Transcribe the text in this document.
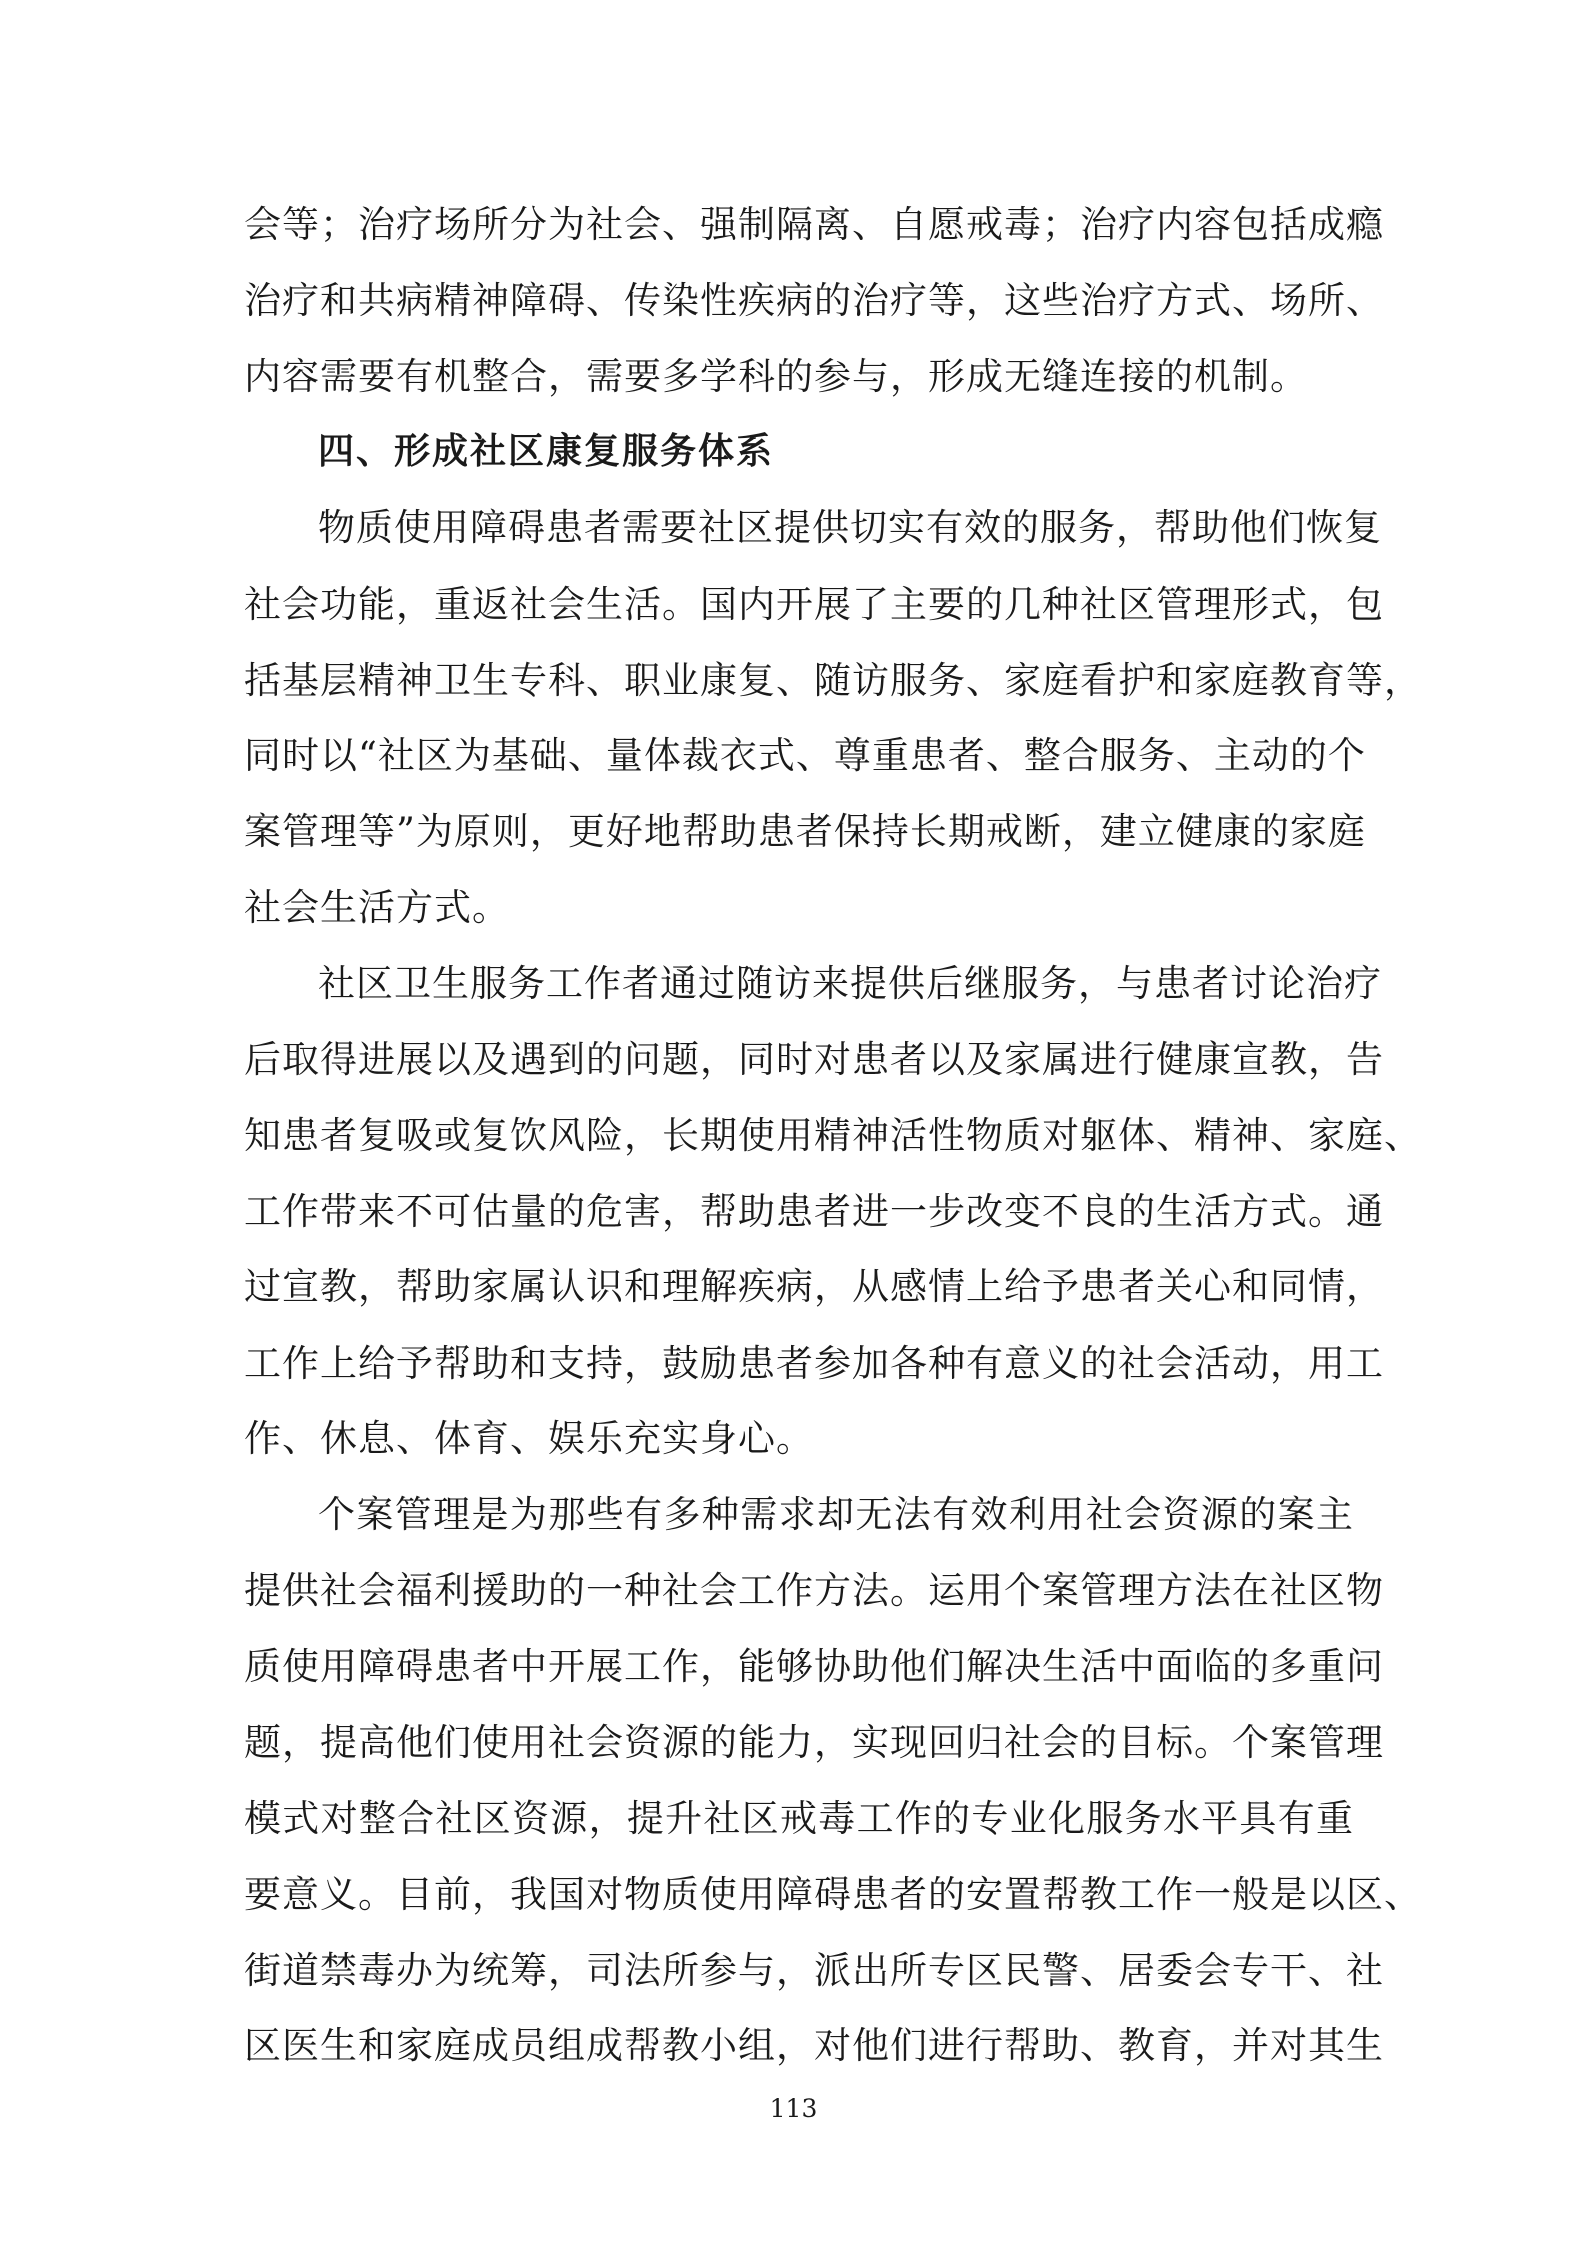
会等；治疗场所分为社会、强制隔离、自愿戒毒；治疗内容包括成瘾
治疗和共病精神障碍、传染性疾病的治疗等，这些治疗方式、场所、
内容需要有机整合，需要多学科的参与，形成无缝连接的机制。
四、形成社区康复服务体系
物质使用障碍患者需要社区提供切实有效的服务，帮助他们恢复
社会功能，重返社会生活。国内开展了主要的几种社区管理形式，包
括基层精神卫生专科、职业康复、随访服务、家庭看护和家庭教育等，
同时以“社区为基础、量体裁衣式、尊重患者、整合服务、主动的个
案管理等”为原则，更好地帮助患者保持长期戒断，建立健康的家庭
社会生活方式。
社区卫生服务工作者通过随访来提供后继服务，与患者讨论治疗
后取得进展以及遇到的问题，同时对患者以及家属进行健康宣教，告
知患者复吸或复饮风险，长期使用精神活性物质对躯体、精神、家庭、
工作带来不可估量的危害，帮助患者进一步改变不良的生活方式。通
过宣教，帮助家属认识和理解疾病，从感情上给予患者关心和同情，
工作上给予帮助和支持，鼓励患者参加各种有意义的社会活动，用工
作、休息、体育、娱乐充实身心。
个案管理是为那些有多种需求却无法有效利用社会资源的案主
提供社会福利援助的一种社会工作方法。运用个案管理方法在社区物
质使用障碍患者中开展工作，能够协助他们解决生活中面临的多重问
题，提高他们使用社会资源的能力，实现回归社会的目标。个案管理
模式对整合社区资源，提升社区戒毒工作的专业化服务水平具有重
要意义。目前，我国对物质使用障碍患者的安置帮教工作一般是以区、
街道禁毒办为统筹，司法所参与，派出所专区民警、居委会专干、社
区医生和家庭成员组成帮教小组，对他们进行帮助、教育，并对其生
113
